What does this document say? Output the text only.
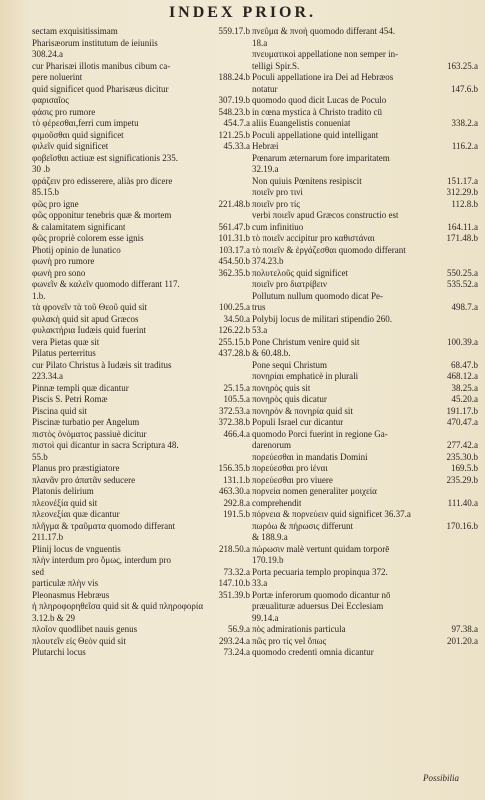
INDEX PRIOR.
sectam exquisitissimam	559.17.b
Pharisæorum institutum de ieiuniis
308.24.a
cur Pharisæi illotis manibus cibum ca-
pere noluerint	188.24.b
quid significet quod Pharisæus dicitur
φαρισαῖος	307.19.b
φάσις pro rumore	548.23.b
τὸ φέρεσθαι,ferri cum impetu	454.7.a
φιμοῦσθαι quid significet	121.25.b
φιλεῖν quid significet	45.33.a
φοβεῖσθαι actiuæ est significationis 235.
30 .b
φράζειν pro edisserere, aliàs pro dicere
85.15.b
φῶς pro igne	221.48.b
φῶς opponitur tenebris quæ & mortem
& calamitatem significant	561.47.b
φῶς propriè colorem esse ignis	101.31.b
Photij opinio de lunatico	103.17.a
φωνὴ pro rumore	454.50.b
φωνὴ pro sono	362.35.b
φωνεῖν & καλεῖν quomodo differant 117.
1.b.
τὰ φρονεῖν τὰ τοῦ Θεοῦ quid sit	100.25.a
φυλακὴ quid sit apud Græcos	34.50.a
φυλακτήρια Iudæis quid fuerint	126.22.b
vera Pietas quæ sit	255.15.b
Pilatus perterritus	437.28.b
cur Pilato Christus à Iudæis sit traditus
223.34.a
Pinnæ templi quæ dicantur	25.15.a
Piscis S. Petri Romæ	105.5.a
Piscina quid sit	372.53.a
Piscinæ turbatio per Angelum	372.38.b
πιστὸς ὀνόματος passiuè dicitur	466.4.a
πιστοὶ qui dicantur in sacra Scriptura 48.
55.b
Planus pro præstigiatore	156.35.b
πλανᾶν pro ἀπατᾶν seducere	131.1.b
Platonis delirium	463.30.a
πλεονέξία quid sit	292.8.a
πλεονεξίαι quæ dicantur	191.5.b
πλῆγμα & τραῦματα quomodo differant
211.17.b
Plinij locus de vnguentis	218.50.a
πλὴν interdum pro ὅμως, interdum pro
sed	73.32.a
particulæ πλὴν vis	147.10.b
Pleonasmus Hebræus	351.39.b
ἡ πληροφορηθεῖσα quid sit & quid πληροφορία
3.12.b & 29
πλοῖον quodlibet nauis genus	56.9.a
πλουτεῖν εἰς Θεὸν quid sit	293.24.a
Plutarchi locus	73.24.a
πνεῦμα & πνοὴ quomodo differant 454.
18.a
πνευματικοὶ appellatione non semper in-
telligi Spir.S.	163.25.a
Poculi appellatione ira Dei ad Hebræos
notatur	147.6.b
quomodo quod dicit Lucas de Poculo
in cœna mystica à Christo tradito cū
aliis Euangelistis conueniat	338.2.a
Poculi appellatione quid intelligant
Hebræi	116.2.a
Pœnarum æternarum fore imparitatem
32.19.a
Non quiuis Pœnitens resipiscit	151.17.a
ποιεῖν pro τινὶ	312.29.b
ποιεῖν pro τίς	112.8.b
verbi ποιεῖν apud Græcos constructio est
cum infinitiuo	164.11.a
τὸ ποιεῖν accipitur pro καθιστάναι	171.48.b
τὸ ποιεῖν & ἐργάζεσθαι quomodo differant
374.23.b
πολυτελοῦς quid significet	550.25.a
ποιεῖν pro διατρίβειν	535.52.a
Pollutum nullum quomodo dicat Pe-
trus	498.7.a
Polybij locus de militari stipendio 260.
53.a
Pone Christum venire quid sit	100.39.a
& 60.48.b.
Pone sequi Christum	68.47.b
πονηρίαι emphaticè in plurali	468.12.a
πονηρὸς quis sit	38.25.a
πονηρὸς quis dicatur	45.20.a
πονηρὸν & πονηρία quid sit	191.17.b
Populi Israel cur dicantur	470.47.a
quomodo Porci fuerint in regione Ga-
darenorum	277.42.a
πορεύεσθαι in mandatis Domini	235.30.b
πορεύεσθαι pro ἰέναι	169.5.b
πορεύεσθαι pro viuere	235.29.b
πορνεία nomen generaliter μοιχεία
comprehendit	111.40.a
πόρνεια & πορνεύειν quid significet 36.37.a
πωρόω & πήρωσις differunt	170.16.b
& 188.9.a
πώρωσιν malè vertunt quidam torporē
170.19.b
Porta pecuaria templo propinqua 372.
33.a
Portæ inferorum quomodo dicantur nō
præualituræ aduersus Dei Ecclesiam
99.14.a
πὸς admirationis particula	97.38.a
πῶς pro τίς vel ὅπως	201.20.a
quomodo credenti omnia dicantur
Possibilia
